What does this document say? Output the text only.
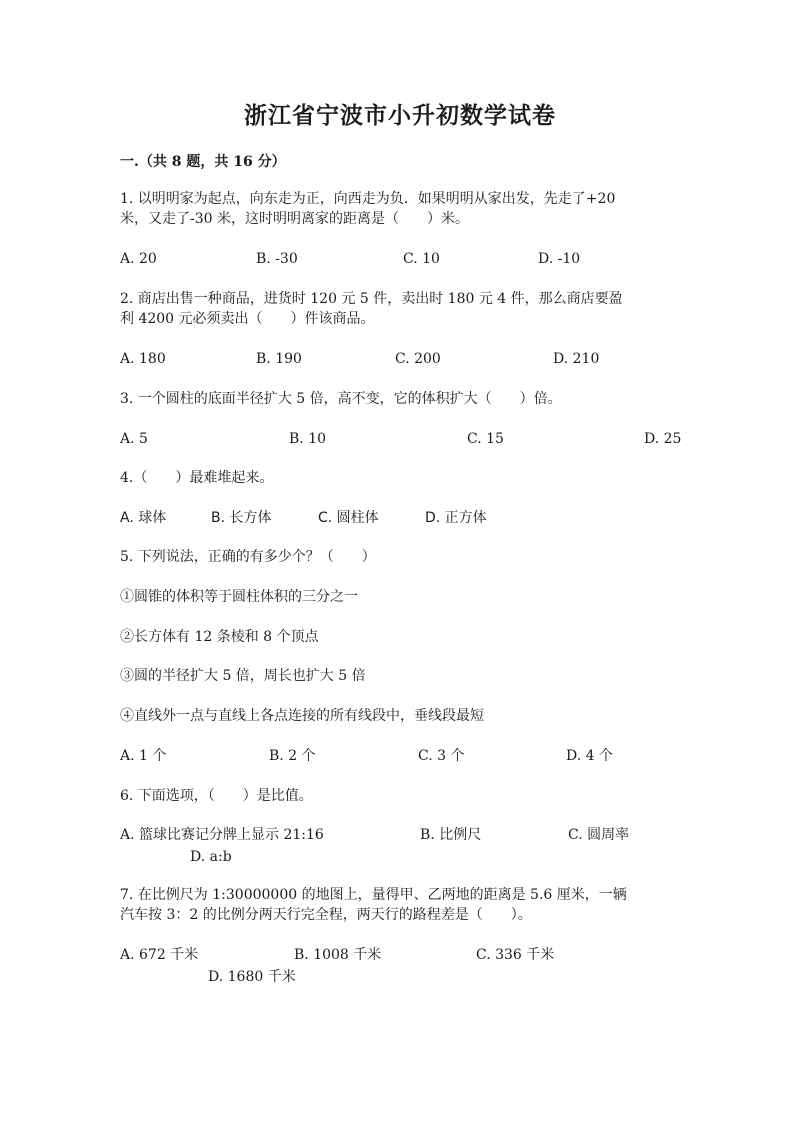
浙江省宁波市小升初数学试卷
一.（共 8 题，共 16 分）
1. 以明明家为起点，向东走为正，向西走为负．如果明明从家出发，先走了+20
米，又走了-30 米，这时明明离家的距离是（　　）米。
A. 20	B. -30	C. 10	D. -10
2. 商店出售一种商品，进货时 120 元 5 件，卖出时 180 元 4 件，那么商店要盈
利 4200 元必须卖出（　　）件该商品。
A. 180	B. 190	C. 200	D. 210
3. 一个圆柱的底面半径扩大 5 倍，高不变，它的体积扩大（　　）倍。
A. 5	B. 10	C. 15	D. 25
4.（　　）最难堆起来。
A. 球体	B. 长方体	C. 圆柱体	D. 正方体
5. 下列说法，正确的有多少个？（　　）
①圆锥的体积等于圆柱体积的三分之一
②长方体有 12 条棱和 8 个顶点
③圆的半径扩大 5 倍，周长也扩大 5 倍
④直线外一点与直线上各点连接的所有线段中，垂线段最短
A. 1 个	B. 2 个	C. 3 个	D. 4 个
6. 下面选项，（　　）是比值。
A. 篮球比赛记分牌上显示 21:16	B. 比例尺	C. 圆周率
D. a:b
7. 在比例尺为 1:30000000 的地图上，量得甲、乙两地的距离是 5.6 厘米，一辆
汽车按 3：2 的比例分两天行完全程，两天行的路程差是（　　）。
A. 672 千米	B. 1008 千米	C. 336 千米
D. 1680 千米
